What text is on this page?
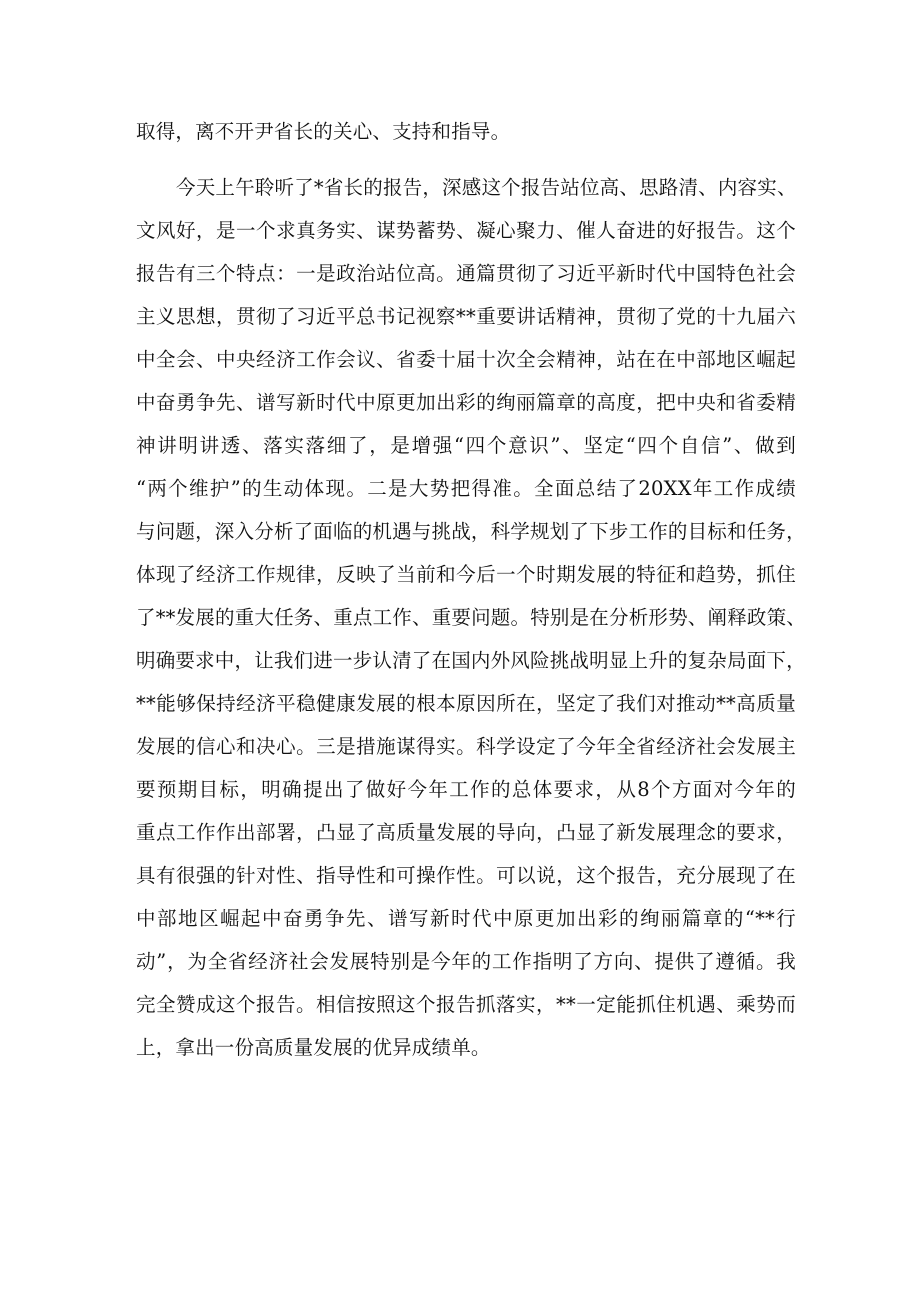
取得，离不开尹省长的关心、支持和指导。
今天上午聆听了*省长的报告，深感这个报告站位高、思路清、内容实、
文风好，是一个求真务实、谋势蓄势、凝心聚力、催人奋进的好报告。这个
报告有三个特点：一是政治站位高。通篇贯彻了习近平新时代中国特色社会
主义思想，贯彻了习近平总书记视察**重要讲话精神，贯彻了党的十九届六
中全会、中央经济工作会议、省委十届十次全会精神，站在在中部地区崛起
中奋勇争先、谱写新时代中原更加出彩的绚丽篇章的高度，把中央和省委精
神讲明讲透、落实落细了，是增强“四个意识”、坚定“四个自信”、做到
“两个维护”的生动体现。二是大势把得准。全面总结了20XX年工作成绩
与问题，深入分析了面临的机遇与挑战，科学规划了下步工作的目标和任务，
体现了经济工作规律，反映了当前和今后一个时期发展的特征和趋势，抓住
了**发展的重大任务、重点工作、重要问题。特别是在分析形势、阐释政策、
明确要求中，让我们进一步认清了在国内外风险挑战明显上升的复杂局面下，
**能够保持经济平稳健康发展的根本原因所在，坚定了我们对推动**高质量
发展的信心和决心。三是措施谋得实。科学设定了今年全省经济社会发展主
要预期目标，明确提出了做好今年工作的总体要求，从8个方面对今年的
重点工作作出部署，凸显了高质量发展的导向，凸显了新发展理念的要求，
具有很强的针对性、指导性和可操作性。可以说，这个报告，充分展现了在
中部地区崛起中奋勇争先、谱写新时代中原更加出彩的绚丽篇章的“**行
动”，为全省经济社会发展特别是今年的工作指明了方向、提供了遵循。我
完全赞成这个报告。相信按照这个报告抓落实，**一定能抓住机遇、乘势而
上，拿出一份高质量发展的优异成绩单。
